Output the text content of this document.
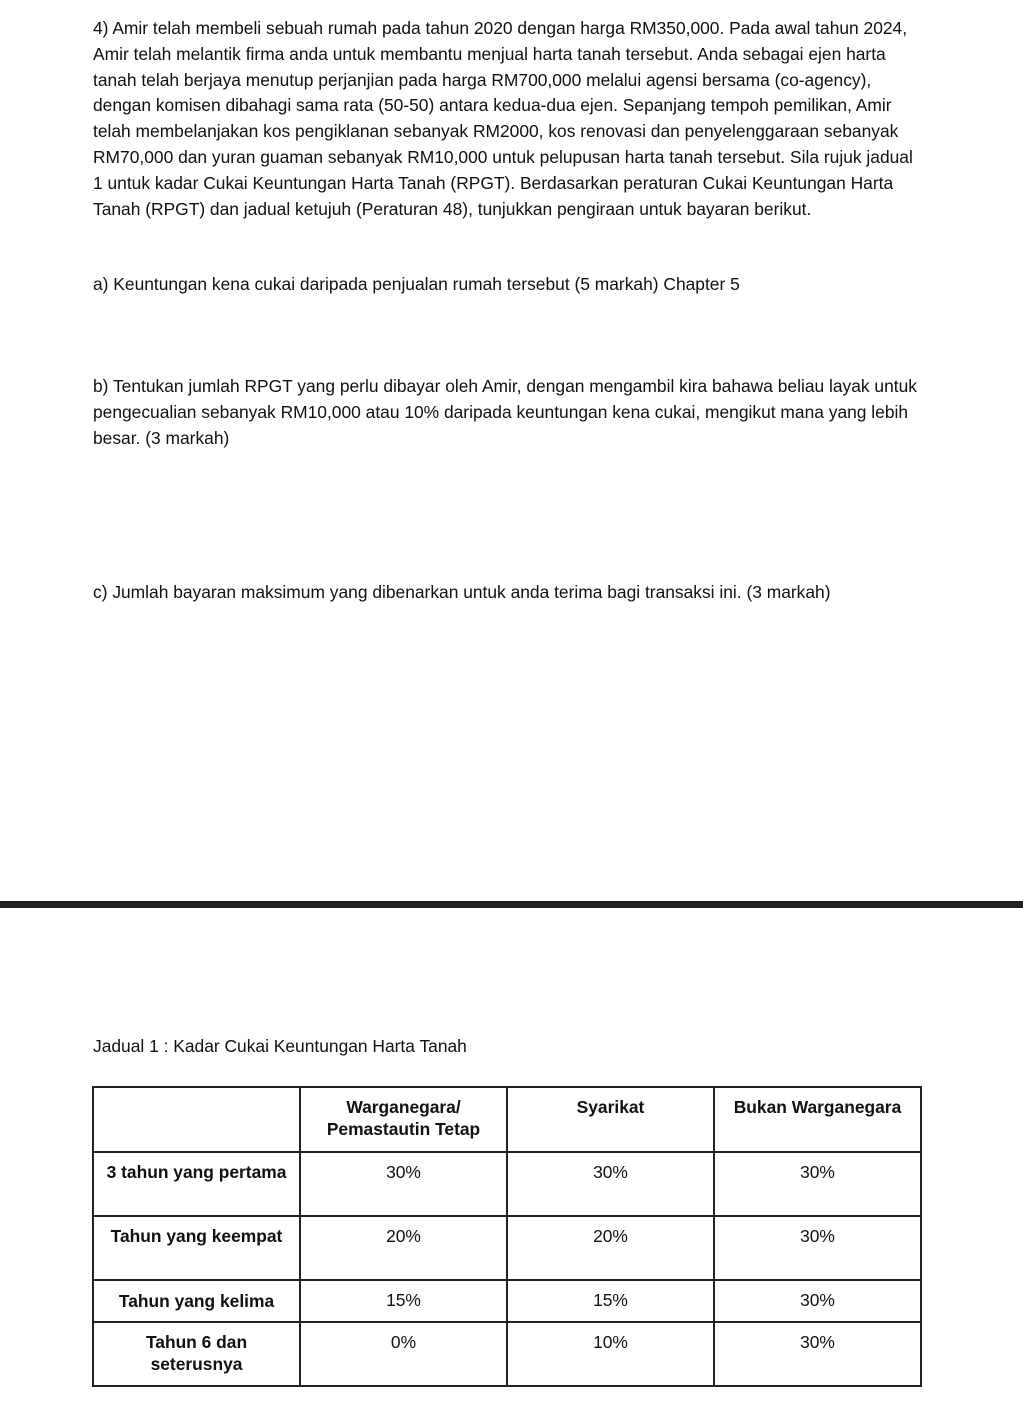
4) Amir telah membeli sebuah rumah pada tahun 2020 dengan harga RM350,000. Pada awal tahun 2024, Amir telah melantik firma anda untuk membantu menjual harta tanah tersebut. Anda sebagai ejen harta tanah telah berjaya menutup perjanjian pada harga RM700,000 melalui agensi bersama (co-agency), dengan komisen dibahagi sama rata (50-50) antara kedua-dua ejen. Sepanjang tempoh pemilikan, Amir telah membelanjakan kos pengiklanan sebanyak RM2000, kos renovasi dan penyelenggaraan sebanyak RM70,000 dan yuran guaman sebanyak RM10,000 untuk pelupusan harta tanah tersebut. Sila rujuk jadual 1 untuk kadar Cukai Keuntungan Harta Tanah (RPGT). Berdasarkan peraturan Cukai Keuntungan Harta Tanah (RPGT) dan jadual ketujuh (Peraturan 48), tunjukkan pengiraan untuk bayaran berikut.

a) Keuntungan kena cukai daripada penjualan rumah tersebut (5 markah) Chapter 5

b) Tentukan jumlah RPGT yang perlu dibayar oleh Amir, dengan mengambil kira bahawa beliau layak untuk pengecualian sebanyak RM10,000 atau 10% daripada keuntungan kena cukai, mengikut mana yang lebih besar. (3 markah)

c) Jumlah bayaran maksimum yang dibenarkan untuk anda terima bagi transaksi ini. (3 markah)

Jadual 1 : Kadar Cukai Keuntungan Harta Tanah

	Warganegara/ Pemastautin Tetap	Syarikat	Bukan Warganegara
3 tahun yang pertama	30%	30%	30%
Tahun yang keempat	20%	20%	30%
Tahun yang kelima	15%	15%	30%
Tahun 6 dan seterusnya	0%	10%	30%
